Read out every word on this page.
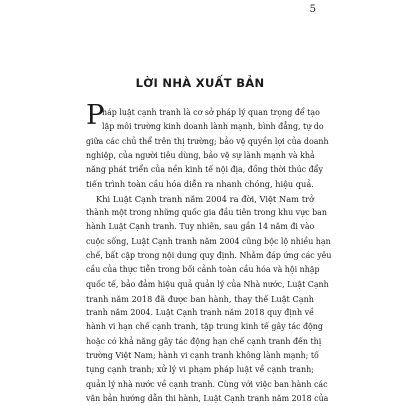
5
LỜI NHÀ XUẤT BẢN
P
háp luật cạnh tranh là cơ sở pháp lý quan trọng để tạo
lập môi trường kinh doanh lành mạnh, bình đẳng, tự do
giữa các chủ thể trên thị trường; bảo vệ quyền lợi của doanh
nghiệp, của người tiêu dùng, bảo vệ sự lành mạnh và khả
năng phát triển của nền kinh tế nội địa, đồng thời thúc đẩy
tiến trình toàn cầu hóa diễn ra nhanh chóng, hiệu quả.
Khi Luật Cạnh tranh năm 2004 ra đời, Việt Nam trở
thành một trong những quốc gia đầu tiên trong khu vực ban
hành Luật Cạnh tranh. Tuy nhiên, sau gần 14 năm đi vào
cuộc sống, Luật Cạnh tranh năm 2004 cũng bộc lộ nhiều hạn
chế, bất cập trong nội dung quy định. Nhằm đáp ứng các yêu
cầu của thực tiễn trong bối cảnh toàn cầu hóa và hội nhập
quốc tế, bảo đảm hiệu quả quản lý của Nhà nước, Luật Cạnh
tranh năm 2018 đã được ban hành, thay thế Luật Cạnh
tranh năm 2004. Luật Cạnh tranh năm 2018 quy định về
hành vi hạn chế cạnh tranh, tập trung kinh tế gây tác động
hoặc có khả năng gây tác động hạn chế cạnh tranh đến thị
trường Việt Nam; hành vi cạnh tranh không lành mạnh; tố
tụng cạnh tranh; xử lý vi phạm pháp luật về cạnh tranh;
quản lý nhà nước về cạnh tranh. Cùng với việc ban hành các
văn bản hướng dẫn thi hành, Luật Cạnh tranh năm 2018 của
